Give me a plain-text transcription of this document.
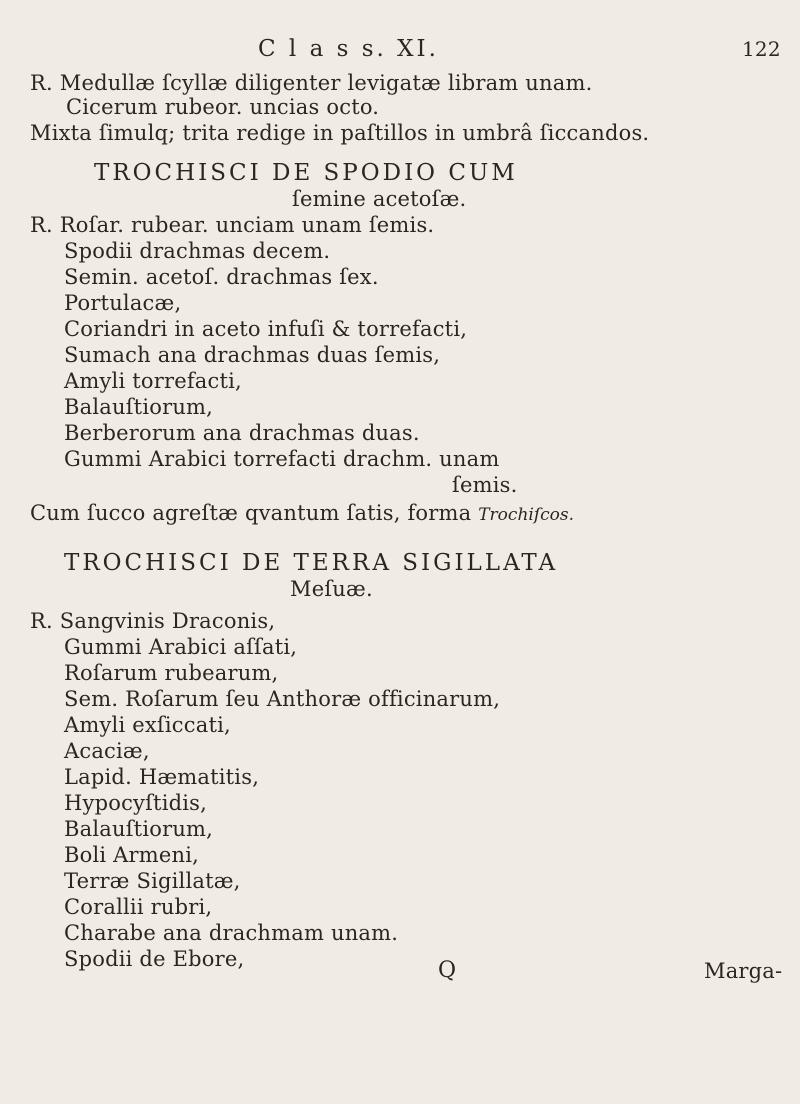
C l a s s. XI.	122
R. Medullæ ſcyllæ diligenter levigatæ libram unam.
Cicerum rubeor. uncias octo.
Mixta ſimulq; trita redige in paſtillos in umbrâ ſiccandos.
TROCHISCI DE SPODIO CUM
ſemine acetoſæ.
R. Roſar. rubear. unciam unam ſemis.
Spodii drachmas decem.
Semin. acetoſ. drachmas ſex.
Portulacæ,
Coriandri in aceto infuſi & torrefacti,
Sumach ana drachmas duas ſemis,
Amyli torrefacti,
Balauſtiorum,
Berberorum ana drachmas duas.
Gummi Arabici torrefacti drachm. unam
ſemis.
Cum ſucco agreſtæ qvantum ſatis, forma Trochiſcos.
TROCHISCI DE TERRA SIGILLATA
Meſuæ.
R. Sangvinis Draconis,
Gummi Arabici aſſati,
Roſarum rubearum,
Sem. Roſarum ſeu Anthoræ officinarum,
Amyli exſiccati,
Acaciæ,
Lapid. Hæmatitis,
Hypocyſtidis,
Balauſtiorum,
Boli Armeni,
Terræ Sigillatæ,
Corallii rubri,
Charabe ana drachmam unam.
Spodii de Ebore,	Q	Marga-
